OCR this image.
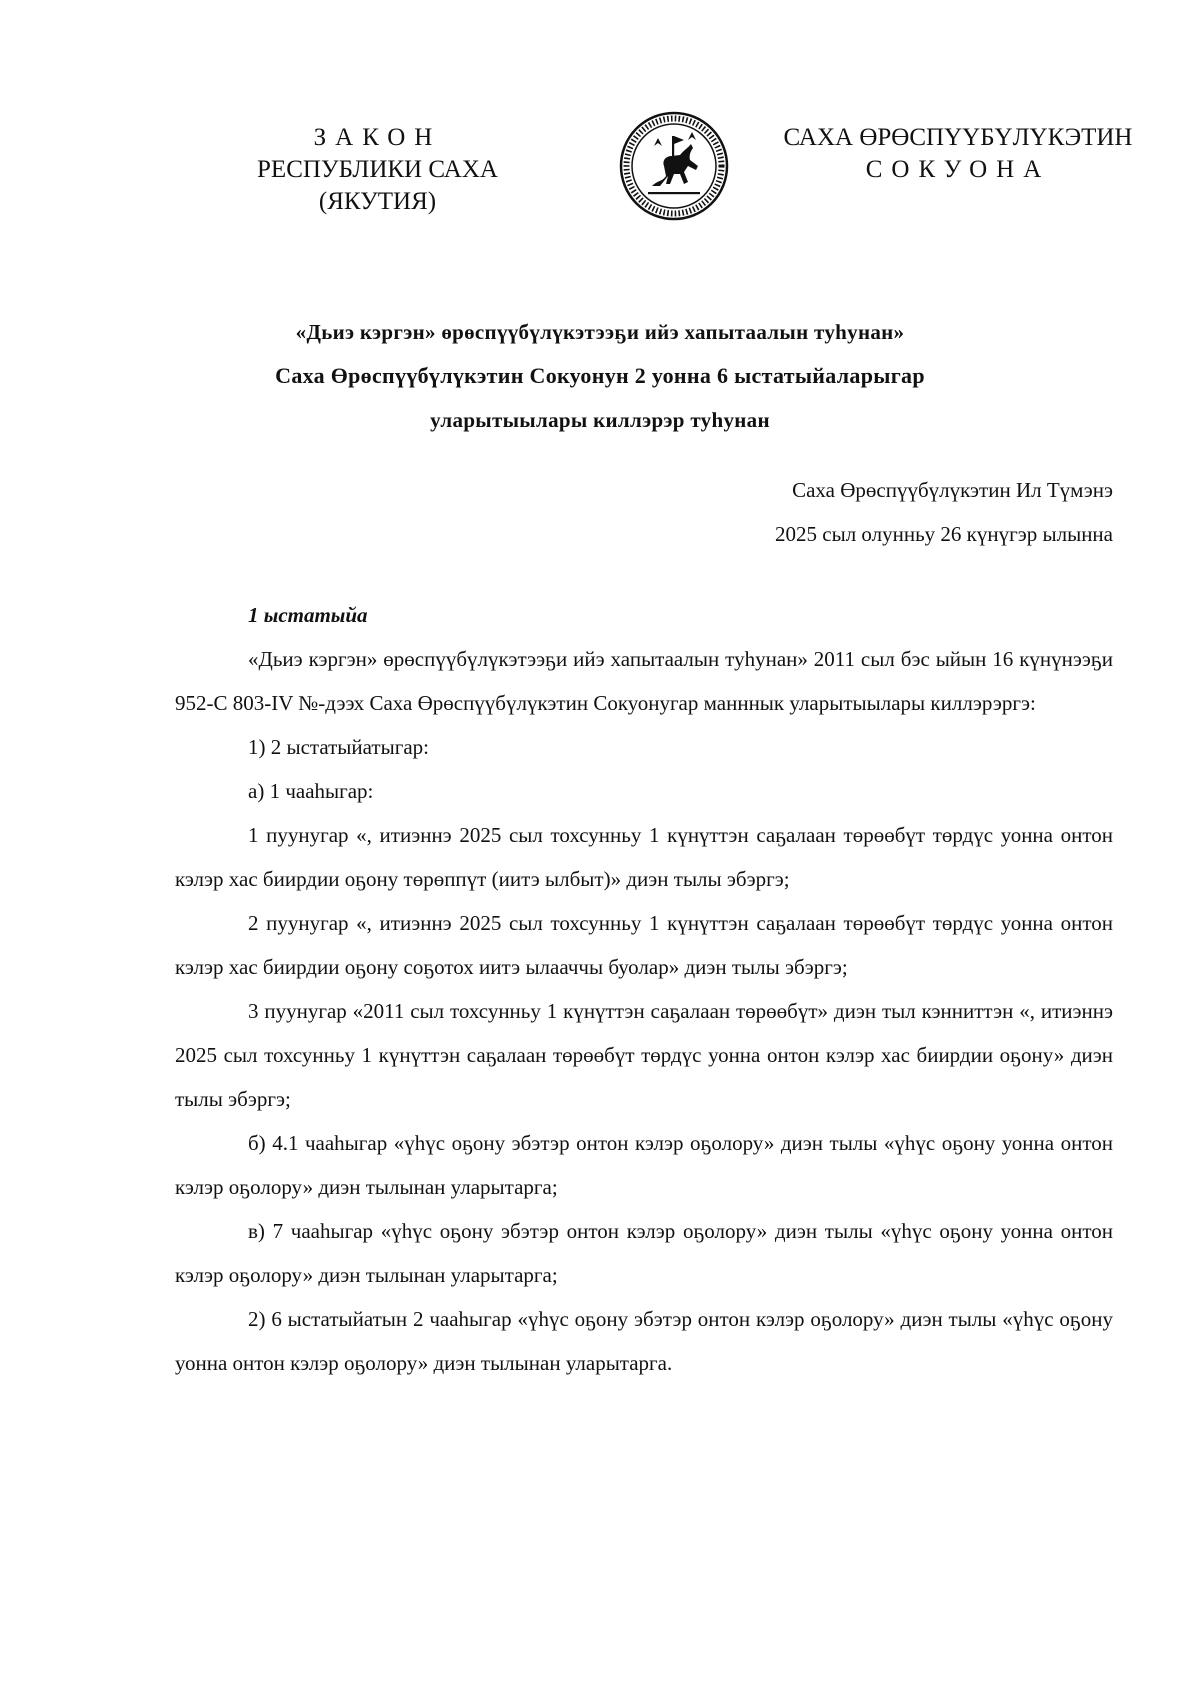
ЗАКОН
РЕСПУБЛИКИ САХА (ЯКУТИЯ)
САХА ӨРӨСПҮҮБҮЛҮКЭТИН
СОКУОНА
«Дьиэ кэргэн» өрөспүүбүлүкэтээҕи ийэ хапытаалын туһунан»
Саха Өрөспүүбүлүкэтин Сокуонун 2 уонна 6 ыстатыйаларыгар
уларытыылары киллэрэр туһунан
Саха Өрөспүүбүлүкэтин Ил Түмэнэ
2025 сыл олунньу 26 күнүгэр ылынна

1 ыстатыйа

«Дьиэ кэргэн» өрөспүүбүлүкэтээҕи ийэ хапытаалын туһунан» 2011 сыл бэс ыйын 16 күнүнээҕи 952-С 803-IV №-дээх Саха Өрөспүүбүлүкэтин Сокуонугар манннык уларытыылары киллэрэргэ:

1) 2 ыстатыйатыгар:

а) 1 чааһыгар:

1 пуунугар «, итиэннэ 2025 сыл тохсунньу 1 күнүттэн саҕалаан төрөөбүт төрдүс уонна онтон кэлэр хас биирдии оҕону төрөппүт (иитэ ылбыт)» диэн тылы эбэргэ;

2 пуунугар «, итиэннэ 2025 сыл тохсунньу 1 күнүттэн саҕалаан төрөөбүт төрдүс уонна онтон кэлэр хас биирдии оҕону соҕотох иитэ ылааччы буолар» диэн тылы эбэргэ;

3 пуунугар «2011 сыл тохсунньу 1 күнүттэн саҕалаан төрөөбүт» диэн тыл кэнниттэн «, итиэннэ 2025 сыл тохсунньу 1 күнүттэн саҕалаан төрөөбүт төрдүс уонна онтон кэлэр хас биирдии оҕону» диэн тылы эбэргэ;

б) 4.1 чааһыгар «үһүс оҕону эбэтэр онтон кэлэр оҕолору» диэн тылы «үһүс оҕону уонна онтон кэлэр оҕолору» диэн тылынан уларытарга;

в) 7 чааһыгар «үһүс оҕону эбэтэр онтон кэлэр оҕолору» диэн тылы «үһүс оҕону уонна онтон кэлэр оҕолору» диэн тылынан уларытарга;

2) 6 ыстатыйатын 2 чааһыгар «үһүс оҕону эбэтэр онтон кэлэр оҕолору» диэн тылы «үһүс оҕону уонна онтон кэлэр оҕолору» диэн тылынан уларытарга.
